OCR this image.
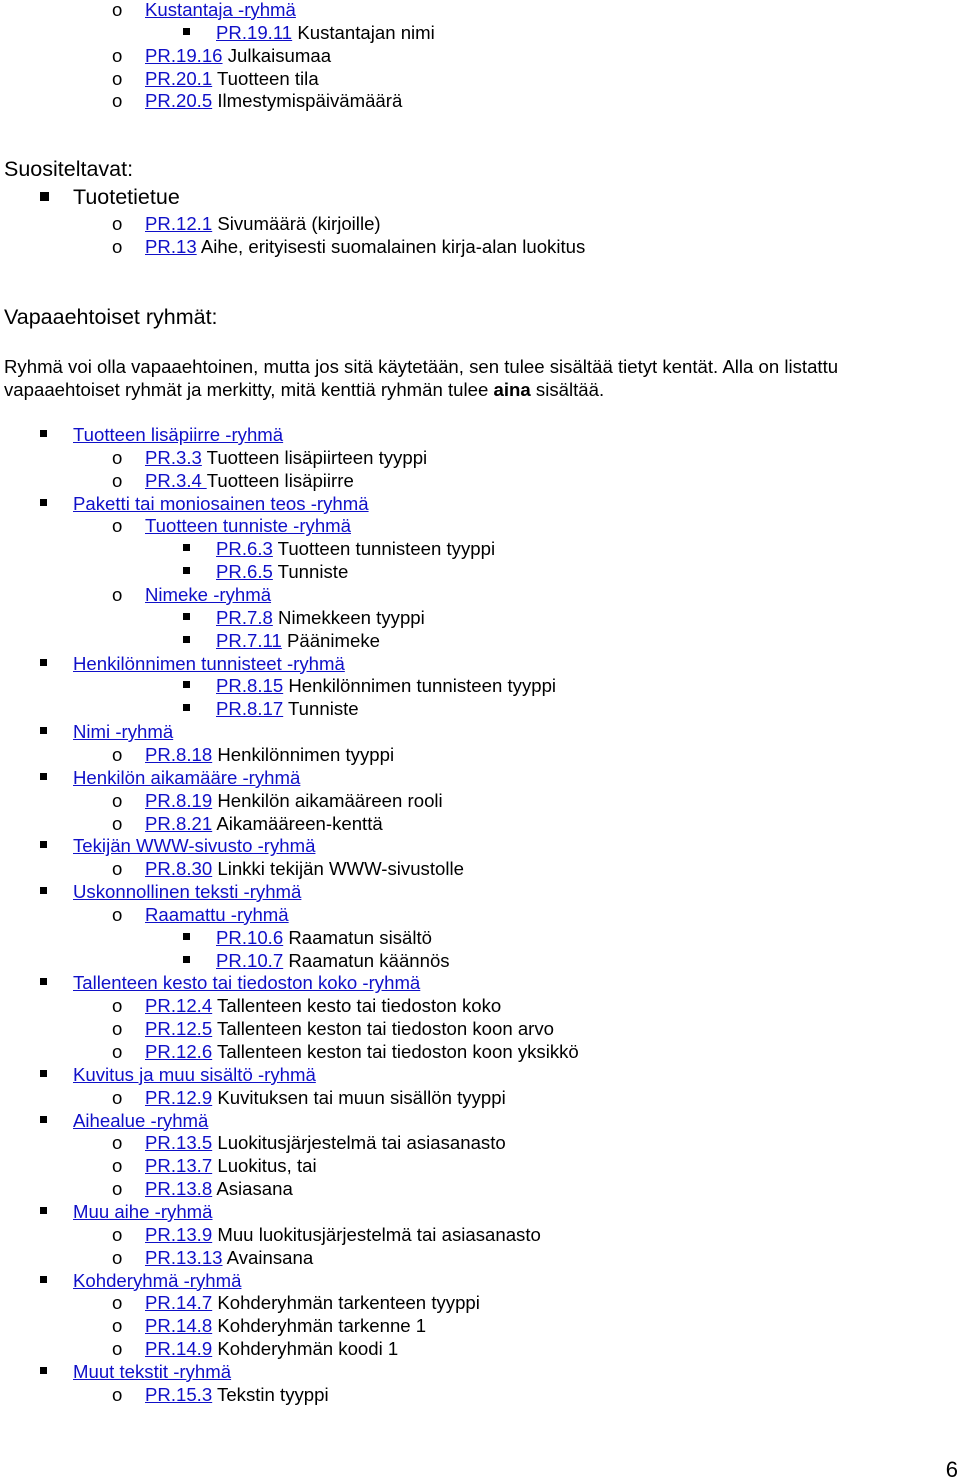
o Kustantaja -ryhmä
PR.19.11 Kustantajan nimi
o PR.19.16 Julkaisumaa
o PR.20.1 Tuotteen tila
o PR.20.5 Ilmestymispäivämäärä
Suositeltavat:
Tuotetietue
o PR.12.1 Sivumäärä (kirjoille)
o PR.13 Aihe, erityisesti suomalainen kirja-alan luokitus
Vapaaehtoiset ryhmät:
Ryhmä voi olla vapaaehtoinen, mutta jos sitä käytetään, sen tulee sisältää tietyt kentät. Alla on listattu
vapaaehtoiset ryhmät ja merkitty, mitä kenttiä ryhmän tulee aina sisältää.
Tuotteen lisäpiirre -ryhmä
o PR.3.3 Tuotteen lisäpiirteen tyyppi
o PR.3.4 Tuotteen lisäpiirre
Paketti tai moniosainen teos -ryhmä
o Tuotteen tunniste -ryhmä
PR.6.3 Tuotteen tunnisteen tyyppi
PR.6.5 Tunniste
o Nimeke -ryhmä
PR.7.8 Nimekkeen tyyppi
PR.7.11 Päänimeke
Henkilönnimen tunnisteet -ryhmä
PR.8.15 Henkilönnimen tunnisteen tyyppi
PR.8.17 Tunniste
Nimi -ryhmä
o PR.8.18 Henkilönnimen tyyppi
Henkilön aikamääre -ryhmä
o PR.8.19 Henkilön aikamääreen rooli
o PR.8.21 Aikamääreen-kenttä
Tekijän WWW-sivusto -ryhmä
o PR.8.30 Linkki tekijän WWW-sivustolle
Uskonnollinen teksti -ryhmä
o Raamattu -ryhmä
PR.10.6 Raamatun sisältö
PR.10.7 Raamatun käännös
Tallenteen kesto tai tiedoston koko -ryhmä
o PR.12.4 Tallenteen kesto tai tiedoston koko
o PR.12.5 Tallenteen keston tai tiedoston koon arvo
o PR.12.6 Tallenteen keston tai tiedoston koon yksikkö
Kuvitus ja muu sisältö -ryhmä
o PR.12.9 Kuvituksen tai muun sisällön tyyppi
Aihealue -ryhmä
o PR.13.5 Luokitusjärjestelmä tai asiasanasto
o PR.13.7 Luokitus, tai
o PR.13.8 Asiasana
Muu aihe -ryhmä
o PR.13.9 Muu luokitusjärjestelmä tai asiasanasto
o PR.13.13 Avainsana
Kohderyhmä -ryhmä
o PR.14.7 Kohderyhmän tarkenteen tyyppi
o PR.14.8 Kohderyhmän tarkenne 1
o PR.14.9 Kohderyhmän koodi 1
Muut tekstit -ryhmä
o PR.15.3 Tekstin tyyppi
6
